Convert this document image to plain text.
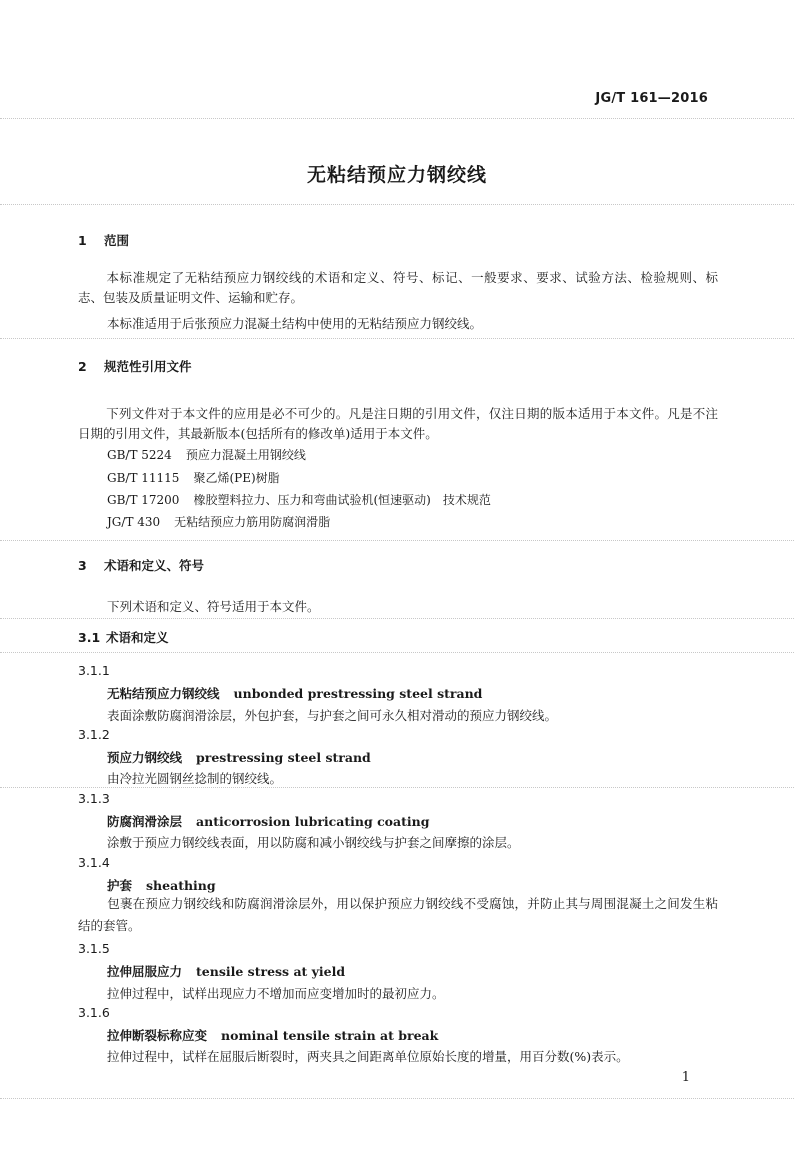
JG/T 161—2016
无粘结预应力钢绞线
1 范围
本标准规定了无粘结预应力钢绞线的术语和定义、符号、标记、一般要求、要求、试验方法、检验规则、标志、包装及质量证明文件、运输和贮存。
本标准适用于后张预应力混凝土结构中使用的无粘结预应力钢绞线。
2 规范性引用文件
下列文件对于本文件的应用是必不可少的。凡是注日期的引用文件，仅注日期的版本适用于本文件。凡是不注日期的引用文件，其最新版本(包括所有的修改单)适用于本文件。
GB/T 5224 预应力混凝土用钢绞线
GB/T 11115 聚乙烯(PE)树脂
GB/T 17200 橡胶塑料拉力、压力和弯曲试验机(恒速驱动)　技术规范
JG/T 430 无粘结预应力筋用防腐润滑脂
3 术语和定义、符号
下列术语和定义、符号适用于本文件。
3.1 术语和定义
3.1.1
无粘结预应力钢绞线 unbonded prestressing steel strand
表面涂敷防腐润滑涂层，外包护套，与护套之间可永久相对滑动的预应力钢绞线。
3.1.2
预应力钢绞线 prestressing steel strand
由冷拉光圆钢丝捻制的钢绞线。
3.1.3
防腐润滑涂层 anticorrosion lubricating coating
涂敷于预应力钢绞线表面，用以防腐和减小钢绞线与护套之间摩擦的涂层。
3.1.4
护套 sheathing
包裹在预应力钢绞线和防腐润滑涂层外，用以保护预应力钢绞线不受腐蚀，并防止其与周围混凝土之间发生粘结的套管。
3.1.5
拉伸屈服应力 tensile stress at yield
拉伸过程中，试样出现应力不增加而应变增加时的最初应力。
3.1.6
拉伸断裂标称应变 nominal tensile strain at break
拉伸过程中，试样在屈服后断裂时，两夹具之间距离单位原始长度的增量，用百分数(%)表示。
1
